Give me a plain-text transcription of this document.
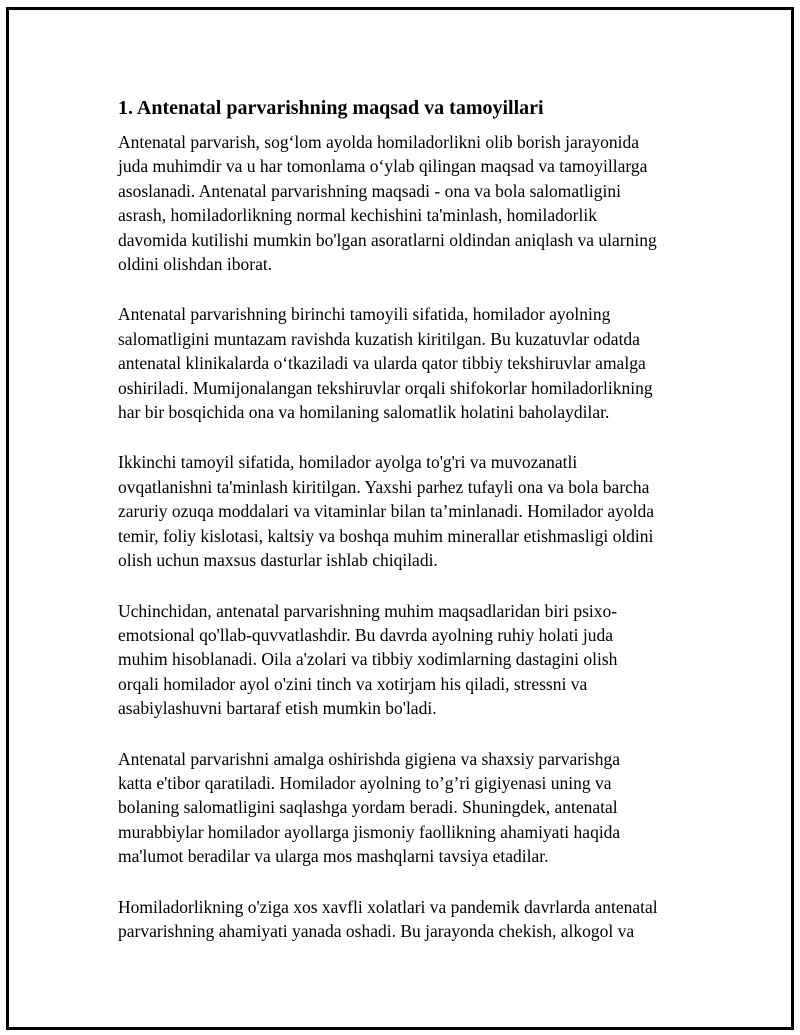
1. Antenatal parvarishning maqsad va tamoyillari
Antenatal parvarish, sog‘lom ayolda homiladorlikni olib borish jarayonida
juda muhimdir va u har tomonlama o‘ylab qilingan maqsad va tamoyillarga
asoslanadi. Antenatal parvarishning maqsadi - ona va bola salomatligini
asrash, homiladorlikning normal kechishini ta'minlash, homiladorlik
davomida kutilishi mumkin bo'lgan asoratlarni oldindan aniqlash va ularning
oldini olishdan iborat.
Antenatal parvarishning birinchi tamoyili sifatida, homilador ayolning
salomatligini muntazam ravishda kuzatish kiritilgan. Bu kuzatuvlar odatda
antenatal klinikalarda o‘tkaziladi va ularda qator tibbiy tekshiruvlar amalga
oshiriladi. Mumijonalangan tekshiruvlar orqali shifokorlar homiladorlikning
har bir bosqichida ona va homilaning salomatlik holatini baholaydilar.
Ikkinchi tamoyil sifatida, homilador ayolga to'g'ri va muvozanatli
ovqatlanishni ta'minlash kiritilgan. Yaxshi parhez tufayli ona va bola barcha
zaruriy ozuqa moddalari va vitaminlar bilan ta’minlanadi. Homilador ayolda
temir, foliy kislotasi, kaltsiy va boshqa muhim minerallar etishmasligi oldini
olish uchun maxsus dasturlar ishlab chiqiladi.
Uchinchidan, antenatal parvarishning muhim maqsadlaridan biri psixo-
emotsional qo'llab-quvvatlashdir. Bu davrda ayolning ruhiy holati juda
muhim hisoblanadi. Oila a'zolari va tibbiy xodimlarning dastagini olish
orqali homilador ayol o'zini tinch va xotirjam his qiladi, stressni va
asabiylashuvni bartaraf etish mumkin bo'ladi.
Antenatal parvarishni amalga oshirishda gigiena va shaxsiy parvarishga
katta e'tibor qaratiladi. Homilador ayolning to’g’ri gigiyenasi uning va
bolaning salomatligini saqlashga yordam beradi. Shuningdek, antenatal
murabbiylar homilador ayollarga jismoniy faollikning ahamiyati haqida
ma'lumot beradilar va ularga mos mashqlarni tavsiya etadilar.
Homiladorlikning o'ziga xos xavfli xolatlari va pandemik davrlarda antenatal
parvarishning ahamiyati yanada oshadi. Bu jarayonda chekish, alkogol va
